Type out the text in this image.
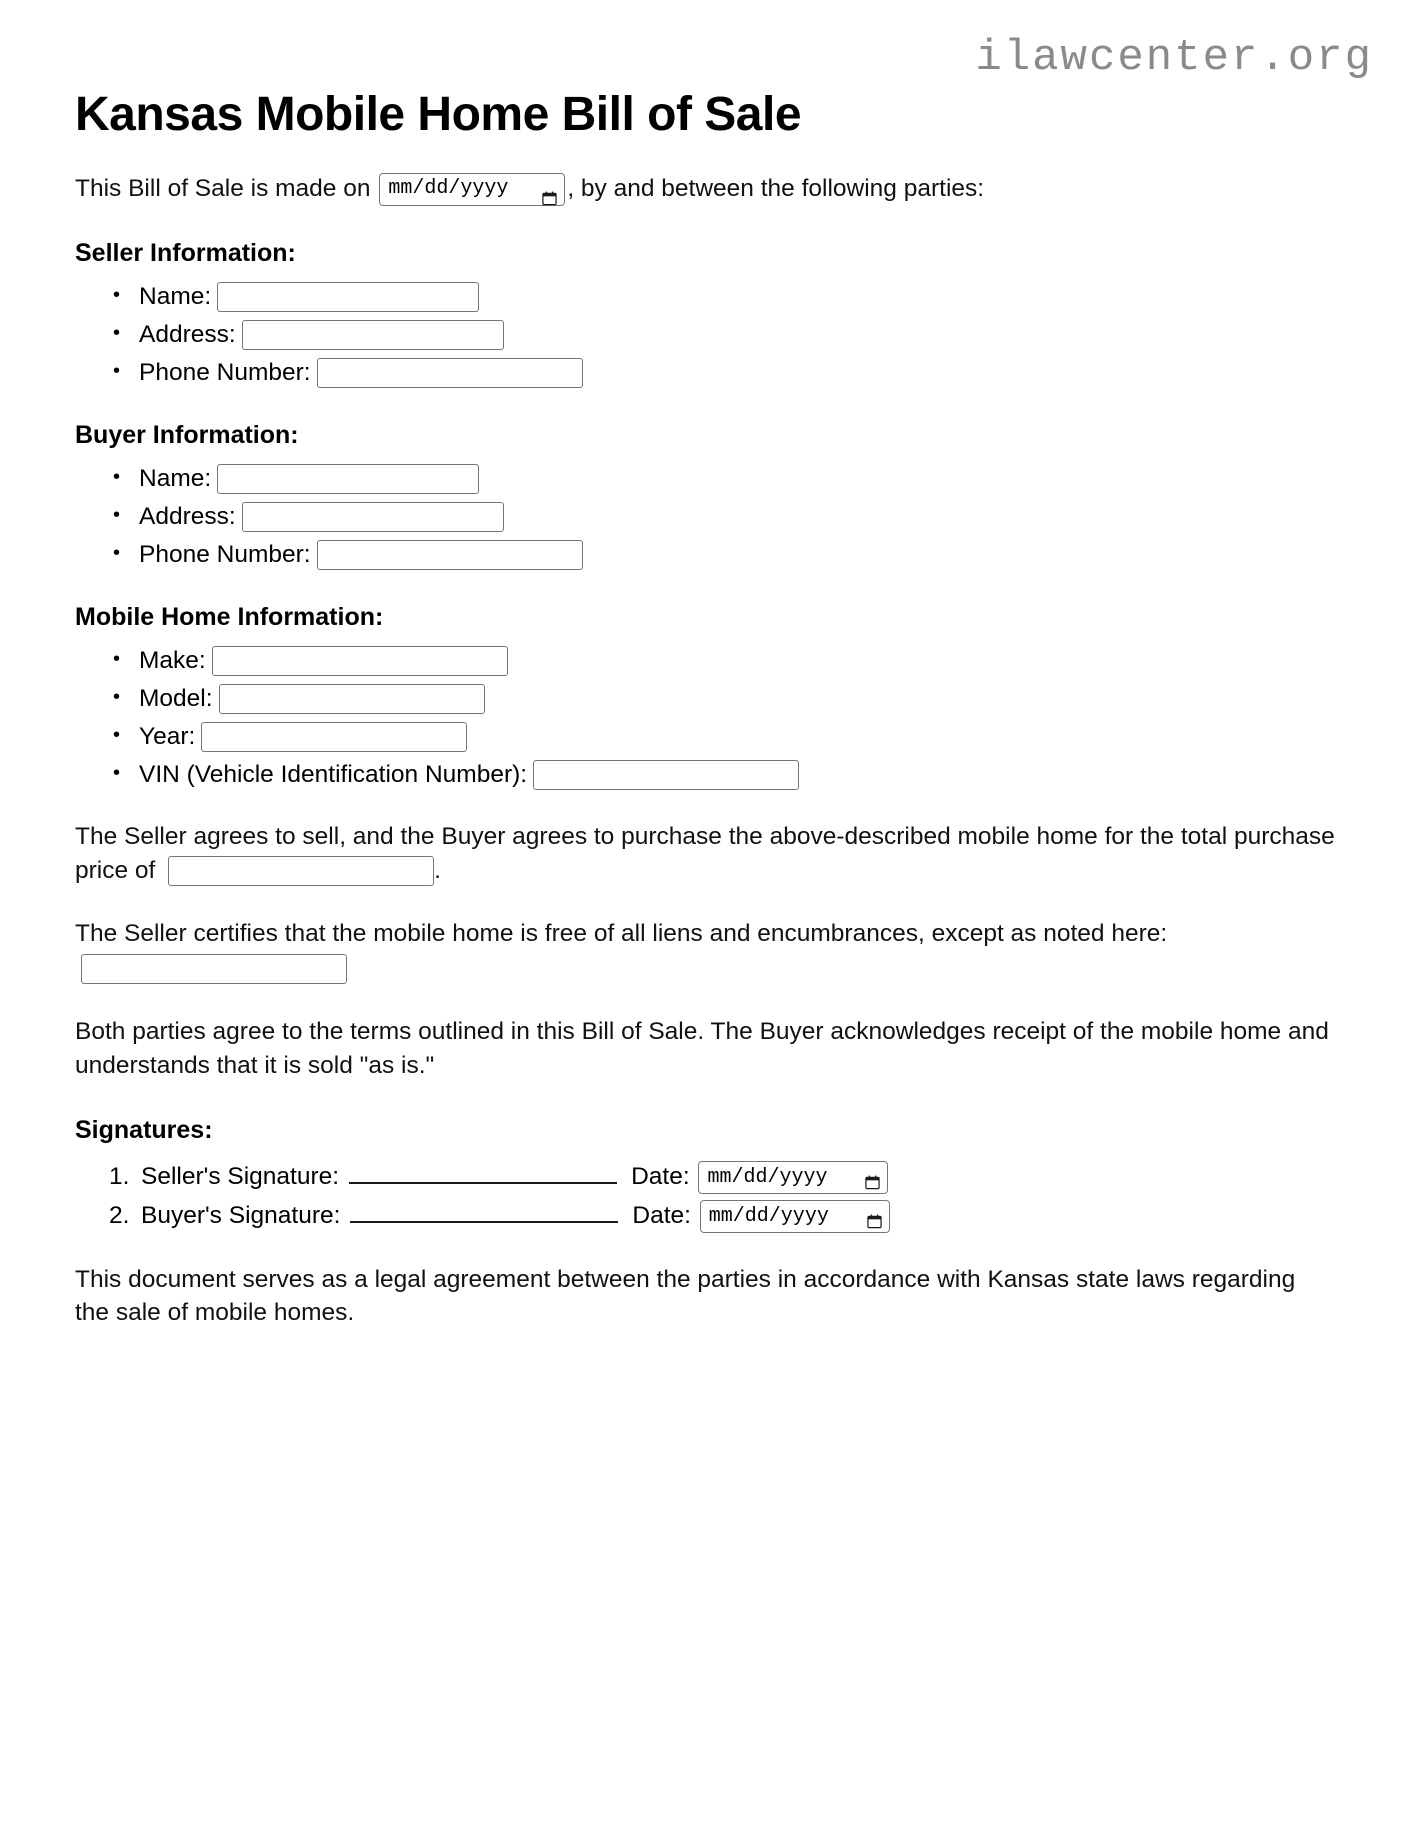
ilawcenter.org
Kansas Mobile Home Bill of Sale

This Bill of Sale is made on mm/dd/yyyy , by and between the following parties:

Seller Information:
• Name:
• Address:
• Phone Number:
Buyer Information:
• Name:
• Address:
• Phone Number:
Mobile Home Information:
• Make:
• Model:
• Year:
• VIN (Vehicle Identification Number):

The Seller agrees to sell, and the Buyer agrees to purchase the above-described mobile home for the total purchase price of	.

The Seller certifies that the mobile home is free of all liens and encumbrances, except as noted here:

Both parties agree to the terms outlined in this Bill of Sale. The Buyer acknowledges receipt of the mobile home and understands that it is sold "as is."

Signatures:
Seller's Signature:	Date: mm/dd/yyyy
Buyer's Signature:	Date: mm/dd/yyyy

This document serves as a legal agreement between the parties in accordance with Kansas state laws regarding the sale of mobile homes.
